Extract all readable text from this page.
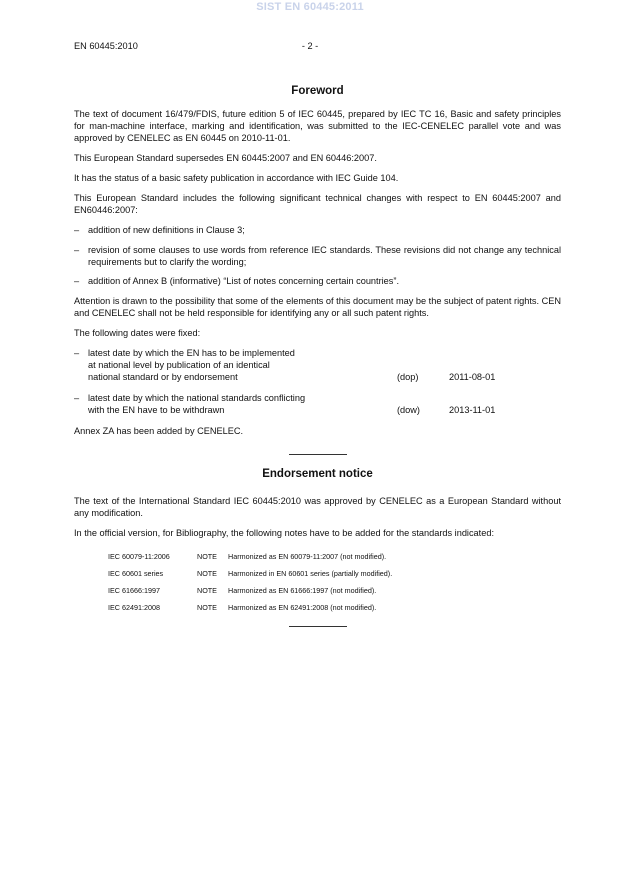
SIST EN 60445:2011
EN 60445:2010	- 2 -
Foreword

The text of document 16/479/FDIS, future edition 5 of IEC 60445, prepared by IEC TC 16, Basic and safety principles for man-machine interface, marking and identification, was submitted to the IEC-CENELEC parallel vote and was approved by CENELEC as EN 60445 on 2010-11-01.

This European Standard supersedes EN 60445:2007 and EN 60446:2007.

It has the status of a basic safety publication in accordance with IEC Guide 104.

This European Standard includes the following significant technical changes with respect to EN 60445:2007 and EN60446:2007:

– addition of new definitions in Clause 3;
– revision of some clauses to use words from reference IEC standards. These revisions did not change any technical requirements but to clarify the wording;
– addition of Annex B (informative) “List of notes concerning certain countries”.

Attention is drawn to the possibility that some of the elements of this document may be the subject of patent rights. CEN and CENELEC shall not be held responsible for identifying any or all such patent rights.

The following dates were fixed:

– latest date by which the EN has to be implemented
at national level by publication of an identical
national standard or by endorsement	(dop)	2011-08-01
– latest date by which the national standards conflicting
with the EN have to be withdrawn	(dow)	2013-11-01

Annex ZA has been added by CENELEC.

Endorsement notice

The text of the International Standard IEC 60445:2010 was approved by CENELEC as a European Standard without any modification.

In the official version, for Bibliography, the following notes have to be added for the standards indicated:

IEC 60079-11:2006	NOTE	Harmonized as EN 60079-11:2007 (not modified).
IEC 60601 series	NOTE	Harmonized in EN 60601 series (partially modified).
IEC 61666:1997	NOTE	Harmonized as EN 61666:1997 (not modified).
IEC 62491:2008	NOTE	Harmonized as EN 62491:2008 (not modified).
